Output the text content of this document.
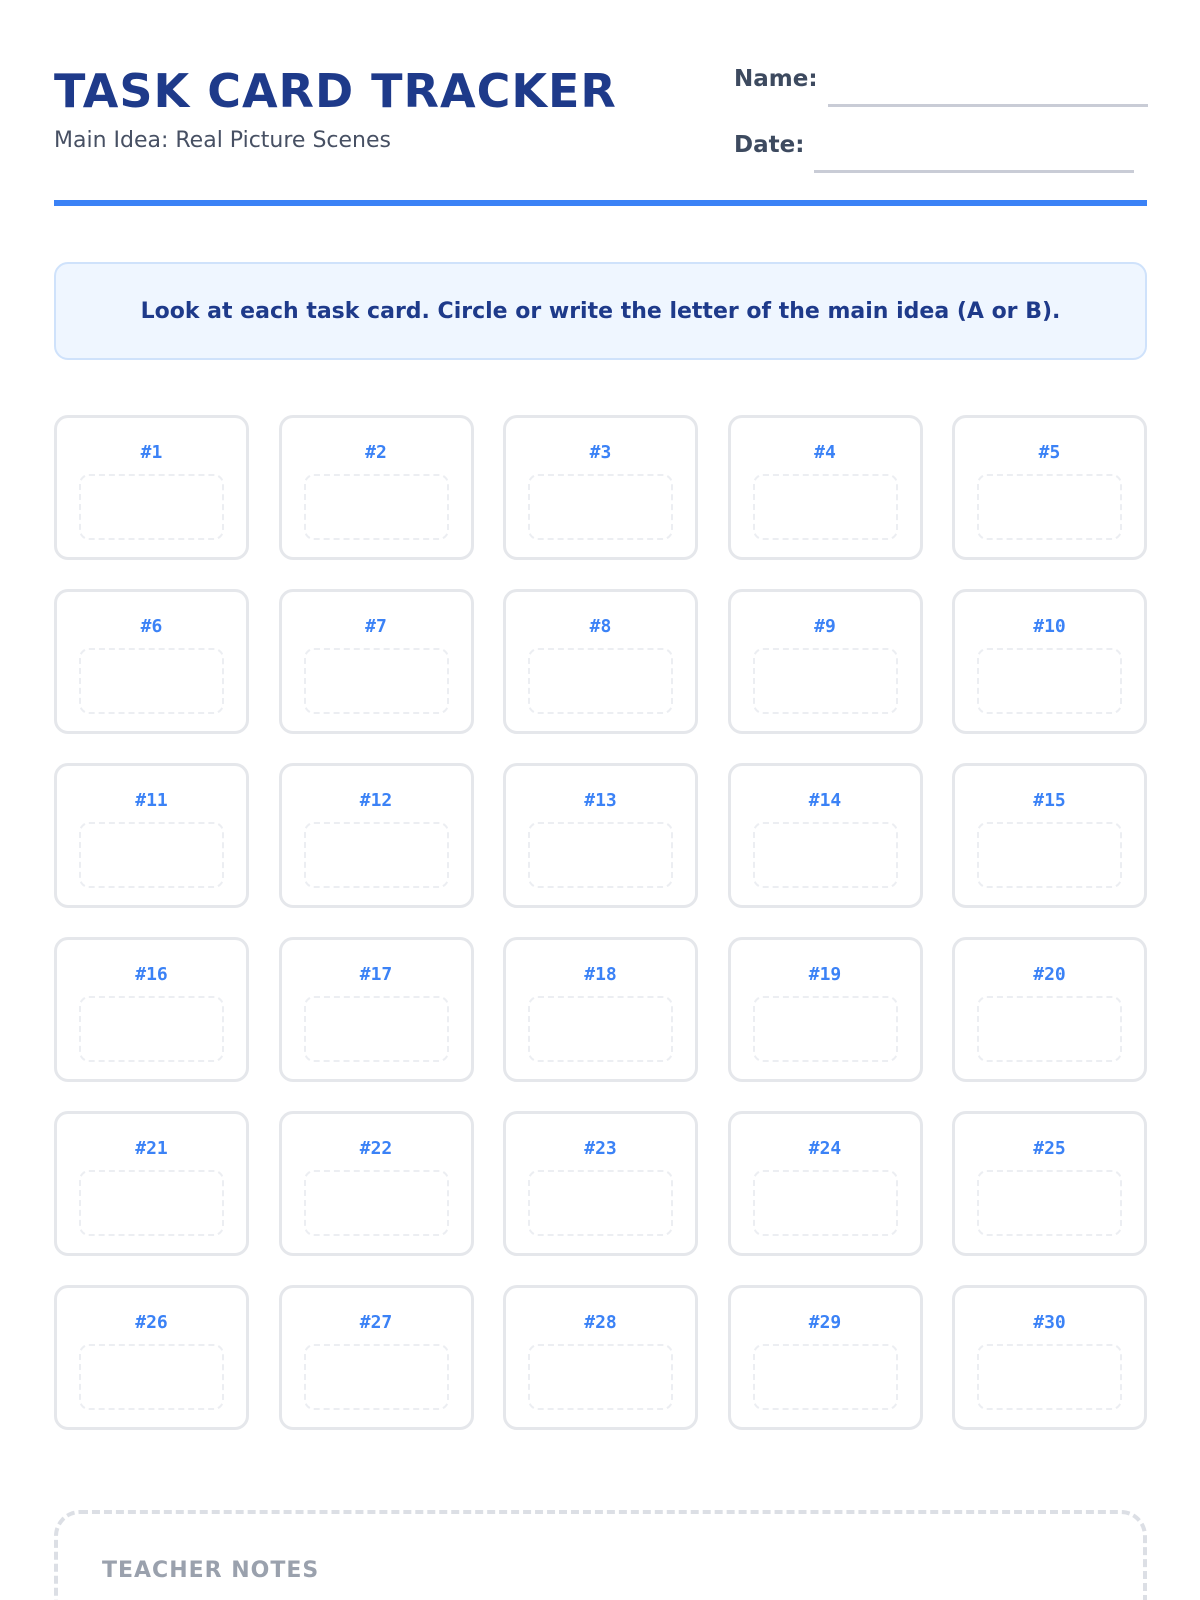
TASK CARD TRACKER
Main Idea: Real Picture Scenes
Name:
Date:
Look at each task card. Circle or write the letter of the main idea (A or B).
#1	#2	#3	#4	#5
#6	#7	#8	#9	#10
#11	#12	#13	#14	#15
#16	#17	#18	#19	#20
#21	#22	#23	#24	#25
#26	#27	#28	#29	#30
TEACHER NOTES
